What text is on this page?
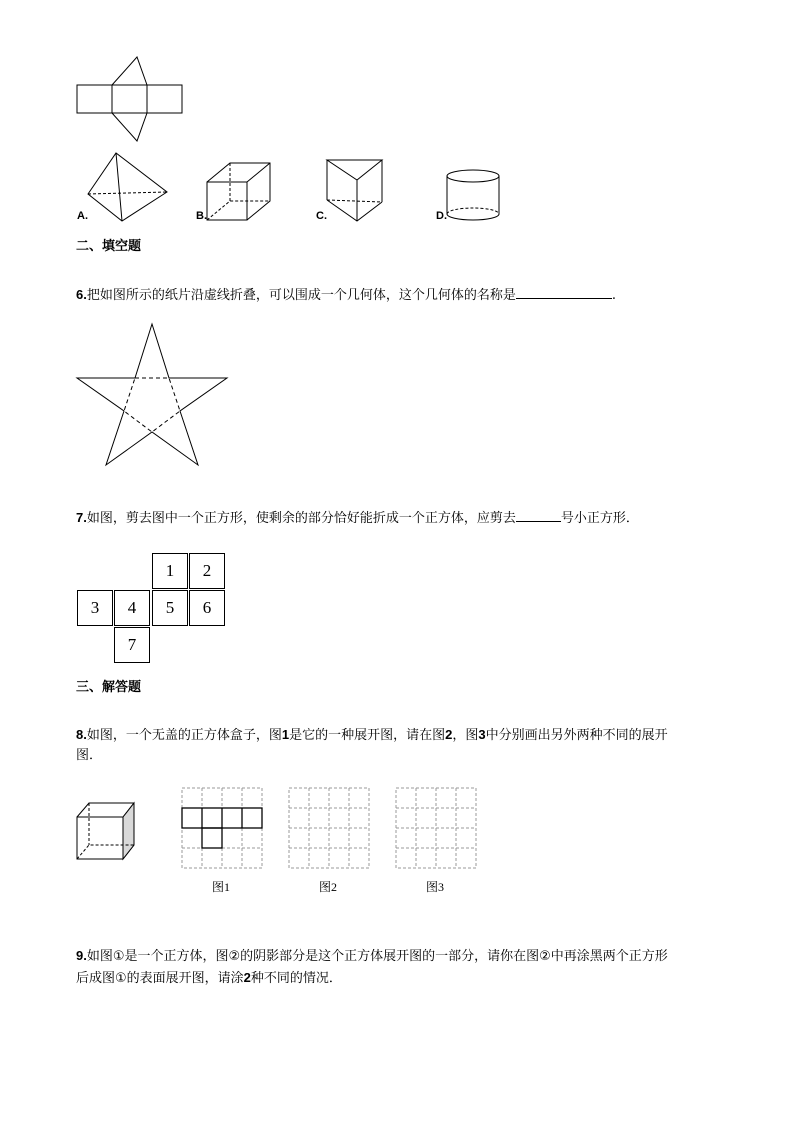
A.	B.	C.	D.
二、填空题
6.把如图所示的纸片沿虚线折叠，可以围成一个几何体，这个几何体的名称是	.
7.如图，剪去图中一个正方形，使剩余的部分恰好能折成一个正方体，应剪去	号小正方形．
1	2
3	4	5	6
7
三、解答题
8.如图，一个无盖的正方体盒子，图1是它的一种展开图，请在图2，图3中分别画出另外两种不同的展开
图．
图1	图2	图3
9.如图①是一个正方体，图②的阴影部分是这个正方体展开图的一部分，请你在图②中再涂黑两个正方形
后成图①的表面展开图，请涂2种不同的情况．
